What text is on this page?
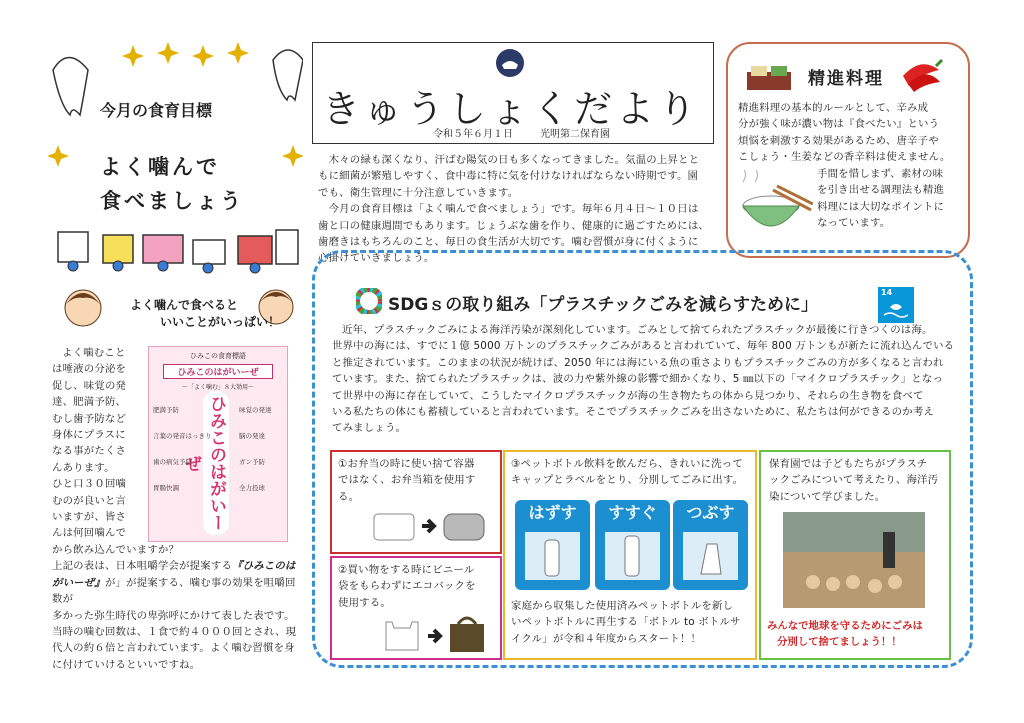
今月の食育目標
よく噛んで
食べましょう
きゅうしょくだより
令和５年６月１日	光明第二保育園
　木々の緑も深くなり、汗ばむ陽気の日も多くなってきました。気温の上昇とと
もに細菌が繁殖しやすく、食中毒に特に気を付けなければならない時期です。園
でも、衛生管理に十分注意していきます。
　今月の食育目標は「よく噛んで食べましょう」です。毎年６月４日～１０日は
歯と口の健康週間でもあります。じょうぶな歯を作り、健康的に過ごすためには、
歯磨きはもちろんのこと、毎日の食生活が大切です。噛む習慣が身に付くように
心掛けていきましょう。
精進料理
精進料理の基本的ルールとして、辛み成
分が強く味が濃い物は『食べたい』という
煩悩を刺激する効果があるため、唐辛子や
こしょう・生姜などの香辛料は使えません。
手間を惜しまず、素材の味
を引き出せる調理法も精進
料理には大切なポイントに
なっています。
よく噛んで食べると
いいことがいっぱい！
よく噛むこと
は唾液の分泌を
促し、味覚の発
達、肥満予防、
むし歯予防など
身体にプラスに
なる事がたくさ
んあります。
ひと口３０回噛
むのが良いと言
いますが、皆さ
んは何回噛んで
ひみこの食育標語
ひみこのはがいーぜ
～「よく噛む」８大効用～
ひみこのはがいーぜ
肥満予防
言葉の発音はっきり
歯の病気予防
胃腸快調
味覚の発達
脳の発達
ガン予防
全力投球
から飲み込んでいますか？
上記の表は、日本咀嚼学会が提案する『ひみこのは
がいーぜ』が」が提案する、噛む事の効果を咀嚼回数が
多かった弥生時代の卑弥呼にかけて表した表です。
当時の噛む回数は、１食で約４０００回とされ、現
代人の約６倍と言われています。よく噛む習慣を身
に付けていけるといいですね。
SDGｓの取り組み「プラスチックごみを減らすために」
14
近年、プラスチックごみによる海洋汚染が深刻化しています。ごみとして捨てられたプラスチックが最後に行きつくのは海。
世界中の海には、すでに１億 5000 万トンのプラスチックごみがあると言われていて、毎年 800 万トンもが新たに流れ込んでいる
と推定されています。このままの状況が続けば、2050 年には海にいる魚の重さよりもプラスチックごみの方が多くなると言われ
ています。また、捨てられたプラスチックは、波の力や紫外線の影響で細かくなり、5 ㎜以下の「マイクロプラスチック」となっ
て世界中の海に存在していて、こうしたマイクロプラスチックが海の生き物たちの体から見つかり、それらの生き物を食べて
いる私たちの体にも蓄積していると言われています。そこでプラスチックごみを出さないために、私たちは何ができるのか考え
てみましょう。
①お弁当の時に使い捨て容器
ではなく、お弁当箱を使用す
る。
②買い物をする時にビニール
袋をもらわずにエコバックを
使用する。
③ペットボトル飲料を飲んだら、きれいに洗って
キャップとラベルをとり、分別してごみに出す。
家庭から収集した使用済みペットボトルを新し
いペットボトルに再生する「ボトル to ボトルサ
イクル」が令和４年度からスタート！！
はずす	すすぐ	つぶす
保育園では子どもたちがプラスチ
ックごみについて考えたり、海洋汚
染について学びました。
みんなで地球を守るためにごみは
分別して捨てましょう！！
